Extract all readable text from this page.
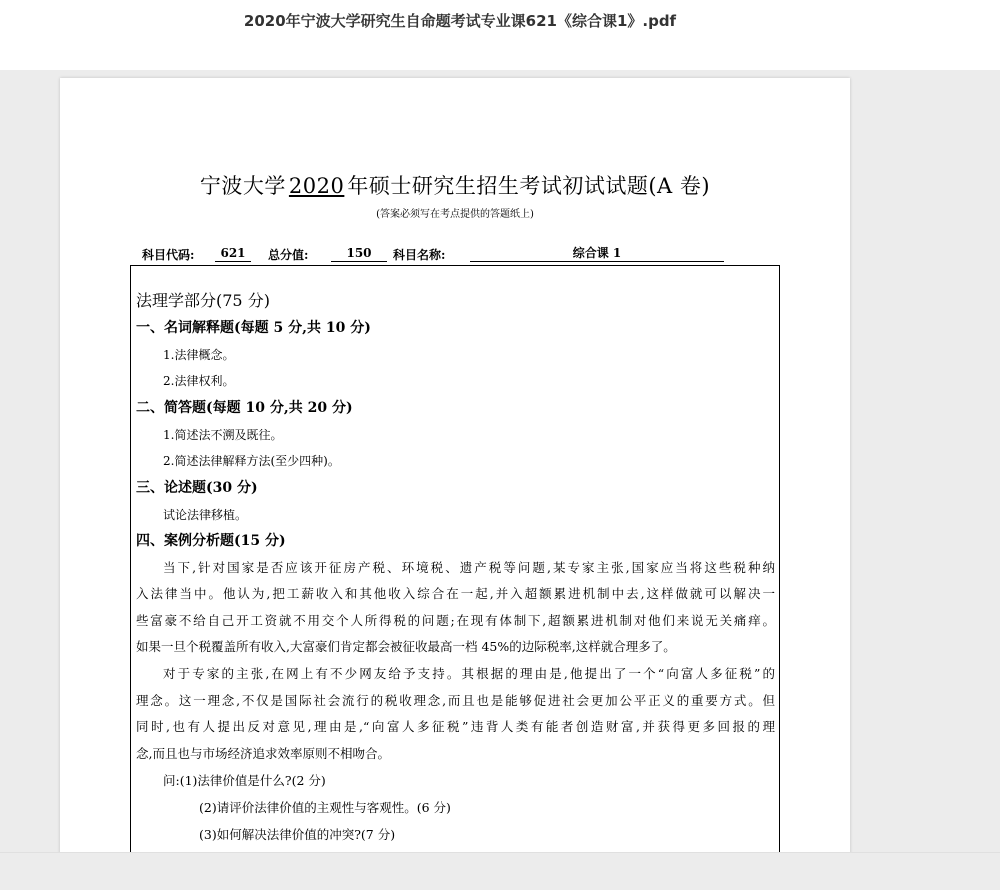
2020年宁波大学研究生自命题考试专业课621《综合课1》.pdf
宁波大学 2020 年硕士研究生招生考试初试试题(A 卷)
(答案必须写在考点提供的答题纸上)
科目代码:	621	总分值:	150	科目名称:	综合课 1
法理学部分(75 分)
一、名词解释题(每题 5 分,共 10 分)
1.法律概念。
2.法律权利。
二、简答题(每题 10 分,共 20 分)
1.简述法不溯及既往。
2.简述法律解释方法(至少四种)。
三、论述题(30 分)
试论法律移植。
四、案例分析题(15 分)
当下,针对国家是否应该开征房产税、环境税、遗产税等问题,某专家主张,国家应当将这些税种纳
入法律当中。他认为,把工薪收入和其他收入综合在一起,并入超额累进机制中去,这样做就可以解决一
些富豪不给自己开工资就不用交个人所得税的问题;在现有体制下,超额累进机制对他们来说无关痛痒。
如果一旦个税覆盖所有收入,大富豪们肯定都会被征收最高一档 45%的边际税率,这样就合理多了。
对于专家的主张,在网上有不少网友给予支持。其根据的理由是,他提出了一个“向富人多征税”的
理念。这一理念,不仅是国际社会流行的税收理念,而且也是能够促进社会更加公平正义的重要方式。但
同时,也有人提出反对意见,理由是,“向富人多征税”违背人类有能者创造财富,并获得更多回报的理
念,而且也与市场经济追求效率原则不相吻合。
问:(1)法律价值是什么?(2 分)
(2)请评价法律价值的主观性与客观性。(6 分)
(3)如何解决法律价值的冲突?(7 分)
